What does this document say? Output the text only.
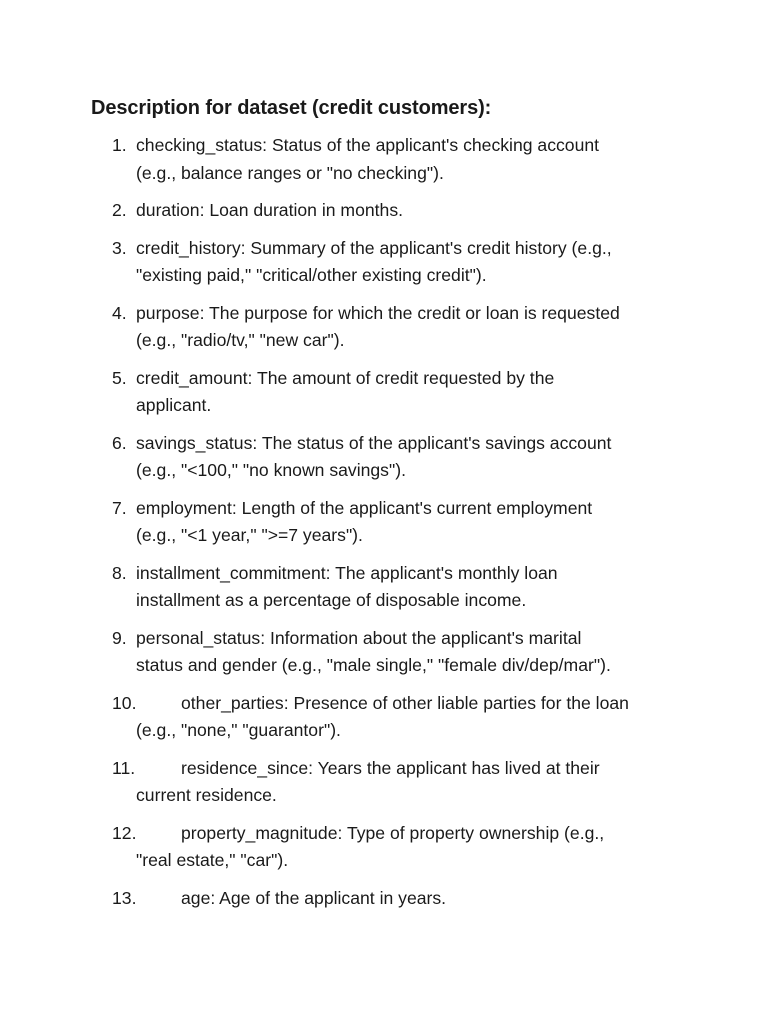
Description for dataset (credit customers):
1. checking_status: Status of the applicant's checking account
(e.g., balance ranges or "no checking").
2. duration: Loan duration in months.
3. credit_history: Summary of the applicant's credit history (e.g.,
"existing paid," "critical/other existing credit").
4. purpose: The purpose for which the credit or loan is requested
(e.g., "radio/tv," "new car").
5. credit_amount: The amount of credit requested by the
applicant.
6. savings_status: The status of the applicant's savings account
(e.g., "<100," "no known savings").
7. employment: Length of the applicant's current employment
(e.g., "<1 year," ">=7 years").
8. installment_commitment: The applicant's monthly loan
installment as a percentage of disposable income.
9. personal_status: Information about the applicant's marital
status and gender (e.g., "male single," "female div/dep/mar").
10.	other_parties: Presence of other liable parties for the loan
(e.g., "none," "guarantor").
11.	residence_since: Years the applicant has lived at their
current residence.
12.	property_magnitude: Type of property ownership (e.g.,
"real estate," "car").
13.	age: Age of the applicant in years.
